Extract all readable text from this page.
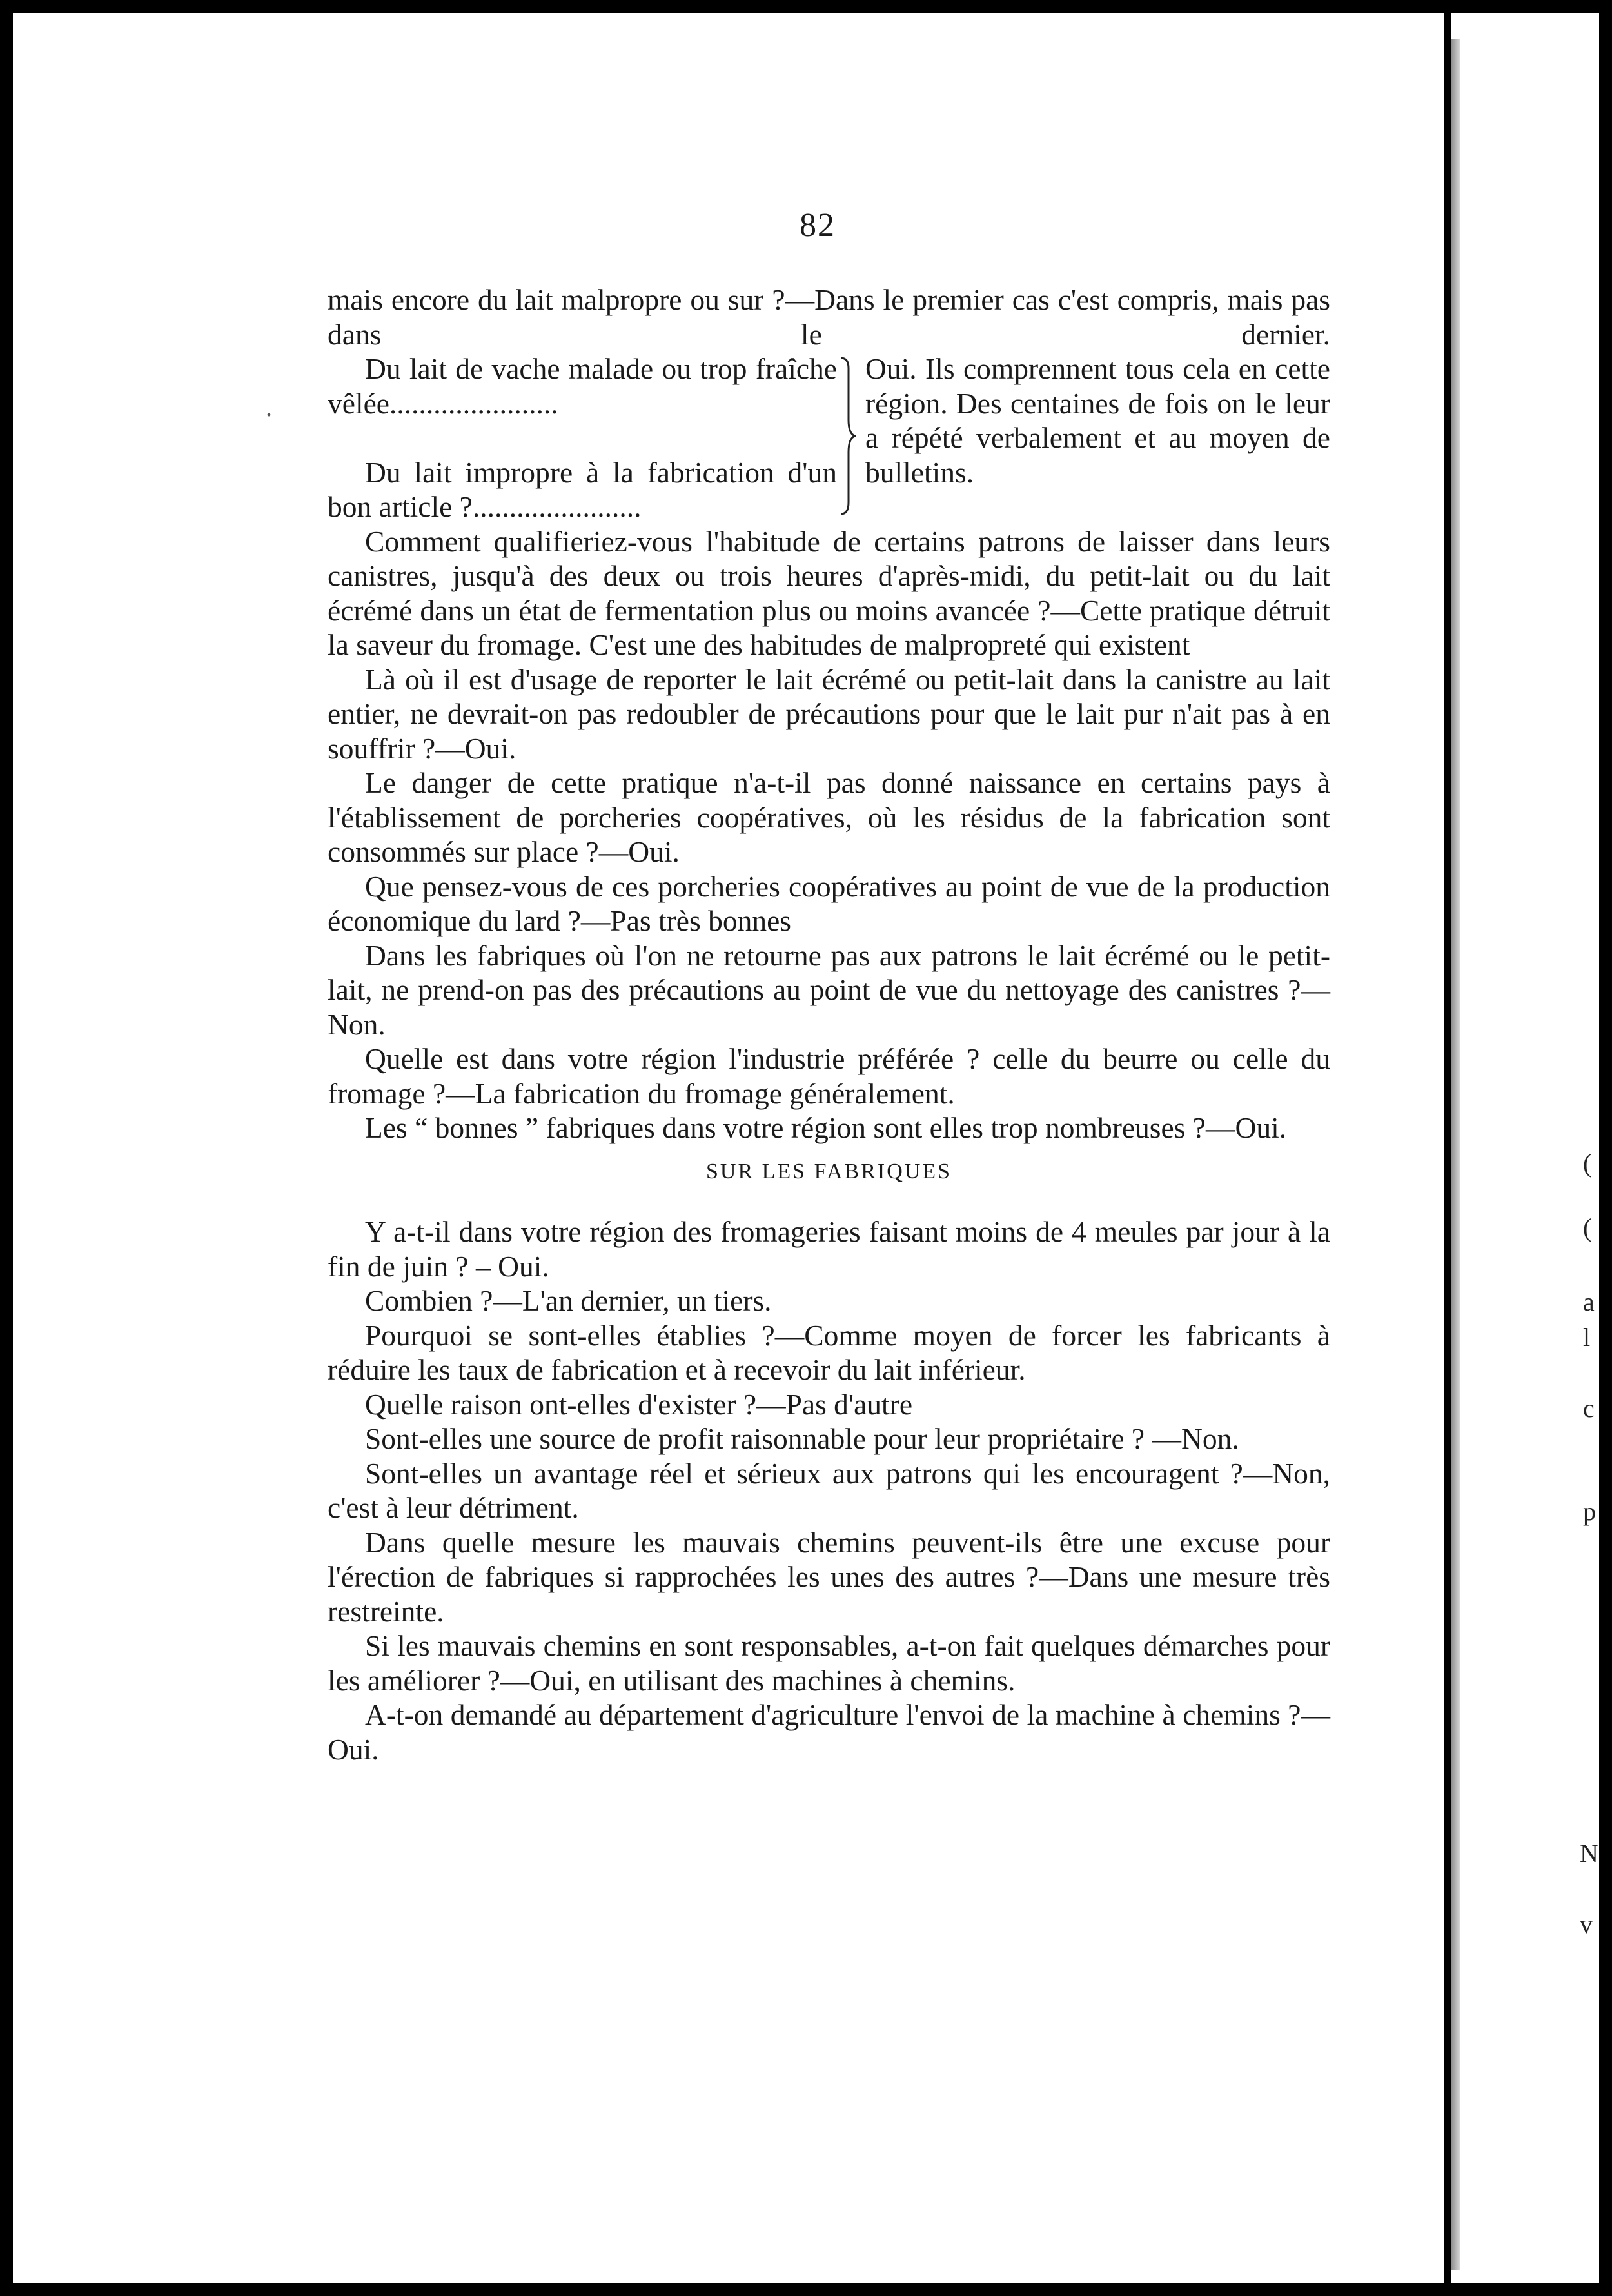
82
.

mais encore du lait malpropre ou sur ?—Dans le premier cas c'est compris, mais pas dans le dernier.

Du lait de vache malade ou trop fraîche vêlée.......................
Du lait impropre à la fabrication d'un bon article ?.......................
Oui. Ils comprennent tous cela en cette région. Des centaines de fois on le leur a répété verbalement et au moyen de bulletins.

Comment qualifieriez-vous l'habitude de certains patrons de laisser dans leurs canistres, jusqu'à des deux ou trois heures d'après-midi, du petit-lait ou du lait écrémé dans un état de fermentation plus ou moins avancée ?—Cette pratique détruit la saveur du fromage. C'est une des habitudes de malpropreté qui existent

Là où il est d'usage de reporter le lait écrémé ou petit-lait dans la canistre au lait entier, ne devrait-on pas redoubler de précautions pour que le lait pur n'ait pas à en souffrir ?—Oui.

Le danger de cette pratique n'a-t-il pas donné naissance en certains pays à l'établissement de porcheries coopératives, où les résidus de la fabrication sont consommés sur place ?—Oui.

Que pensez-vous de ces porcheries coopératives au point de vue de la production économique du lard ?—Pas très bonnes

Dans les fabriques où l'on ne retourne pas aux patrons le lait écrémé ou le petit-lait, ne prend-on pas des précautions au point de vue du nettoyage des canistres ?—Non.

Quelle est dans votre région l'industrie préférée ? celle du beurre ou celle du fromage ?—La fabrication du fromage généralement.

Les “ bonnes ” fabriques dans votre région sont elles trop nombreuses ?—Oui.

SUR LES FABRIQUES

Y a-t-il dans votre région des fromageries faisant moins de 4 meules par jour à la fin de juin ? – Oui.

Combien ?—L'an dernier, un tiers.

Pourquoi se sont-elles établies ?—Comme moyen de forcer les fabricants à réduire les taux de fabrication et à recevoir du lait inférieur.

Quelle raison ont-elles d'exister ?—Pas d'autre

Sont-elles une source de profit raisonnable pour leur propriétaire ? —Non.

Sont-elles un avantage réel et sérieux aux patrons qui les encouragent ?—Non, c'est à leur détriment.

Dans quelle mesure les mauvais chemins peuvent-ils être une excuse pour l'érection de fabriques si rapprochées les unes des autres ?—Dans une mesure très restreinte.

Si les mauvais chemins en sont responsables, a-t-on fait quelques démarches pour les améliorer ?—Oui, en utilisant des machines à chemins.

A-t-on demandé au département d'agriculture l'envoi de la machine à chemins ?—Oui.

(
(
a
l
c
p
N
v
